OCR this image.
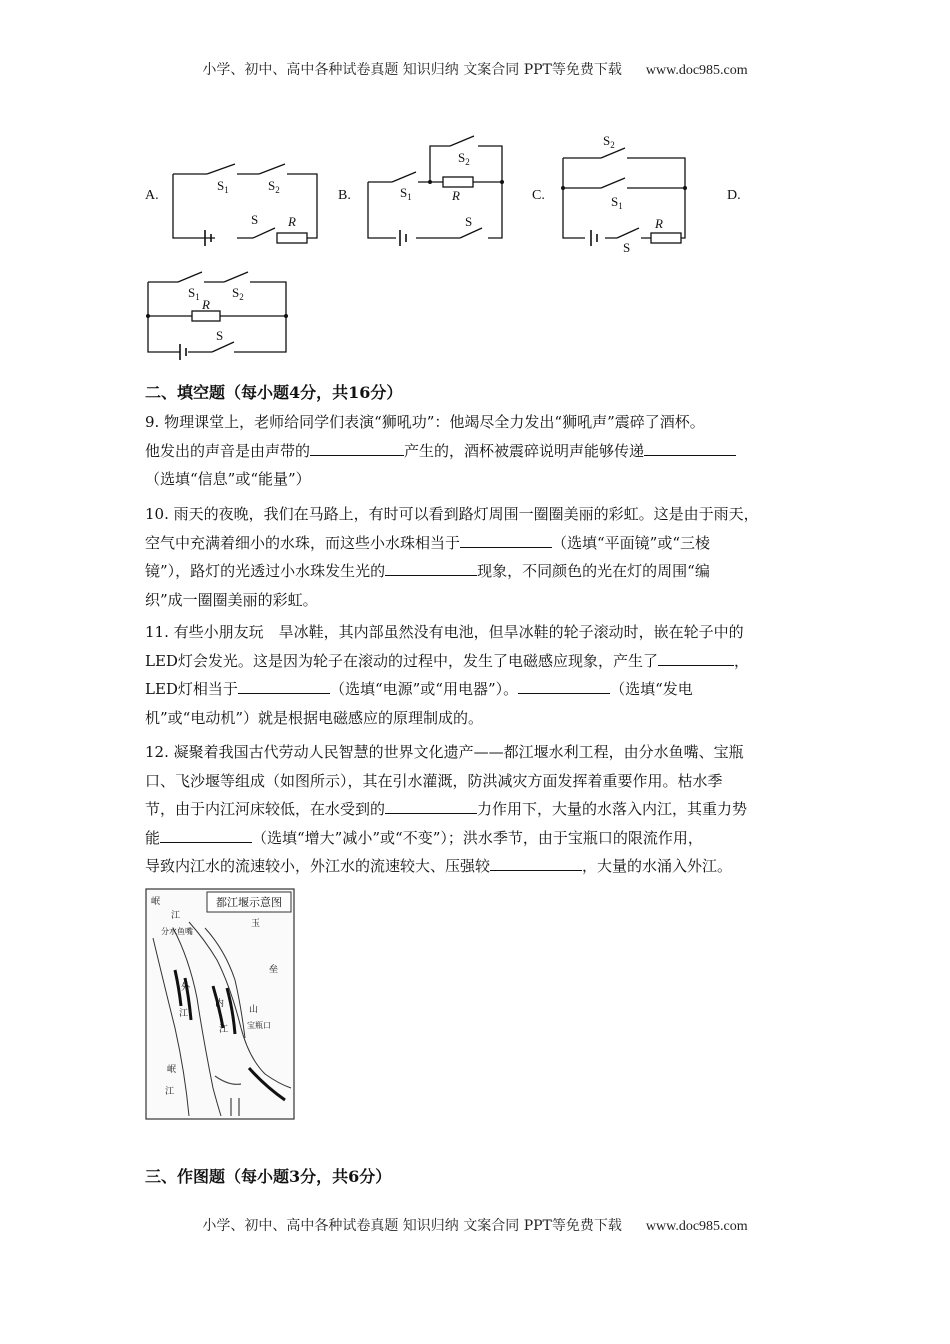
小学、初中、高中各种试卷真题 知识归纳 文案合同 PPT等免费下载 www.doc985.com
A.	B.	C.	D.
$S_1$	$S_2$
S R
$S_1$
$S_2$
R
S
$S_2$
$S_1$
R
S
$S_1$ $S_2$
R
S
二、填空题（每小题4分，共16分）

9. 物理课堂上，老师给同学们表演“狮吼功”：他竭尽全力发出“狮吼声”震碎了酒杯。

他发出的声音是由声带的	产生的，酒杯被震碎说明声能够传递

（选填“信息”或“能量”）

10. 雨天的夜晚，我们在马路上，有时可以看到路灯周围一圈圈美丽的彩虹。这是由于雨天，

空气中充满着细小的水珠，而这些小水珠相当于	（选填“平面镜”或“三棱

镜”），路灯的光透过小水珠发生光的	现象，不同颜色的光在灯的周围“编

织”成一圈圈美丽的彩虹。

11. 有些小朋友玩　旱冰鞋，其内部虽然没有电池，但旱冰鞋的轮子滚动时，嵌在轮子中的

LED灯会发光。这是因为轮子在滚动的过程中，发生了电磁感应现象，产生了	，

LED灯相当于	（选填“电源”或“用电器”）。	（选填“发电

机”或“电动机”）就是根据电磁感应的原理制成的。

12. 凝聚着我国古代劳动人民智慧的世界文化遗产——都江堰水利工程，由分水鱼嘴、宝瓶

口、飞沙堰等组成（如图所示），其在引水灌溉，防洪减灾方面发挥着重要作用。枯水季

节，由于内江河床较低，在水受到的	力作用下，大量的水落入内江，其重力势

能	（选填“增大”减小”或“不变”）；洪水季节，由于宝瓶口的限流作用，

导致内江水的流速较小，外江水的流速较大、压强较	，大量的水涌入外江。

都江堰示意图
岷
江
分水鱼嘴
外
江
内
江
玉
垒
山
宝瓶口
岷
江
三、作图题（每小题3分，共6分）
小学、初中、高中各种试卷真题 知识归纳 文案合同 PPT等免费下载 www.doc985.com
